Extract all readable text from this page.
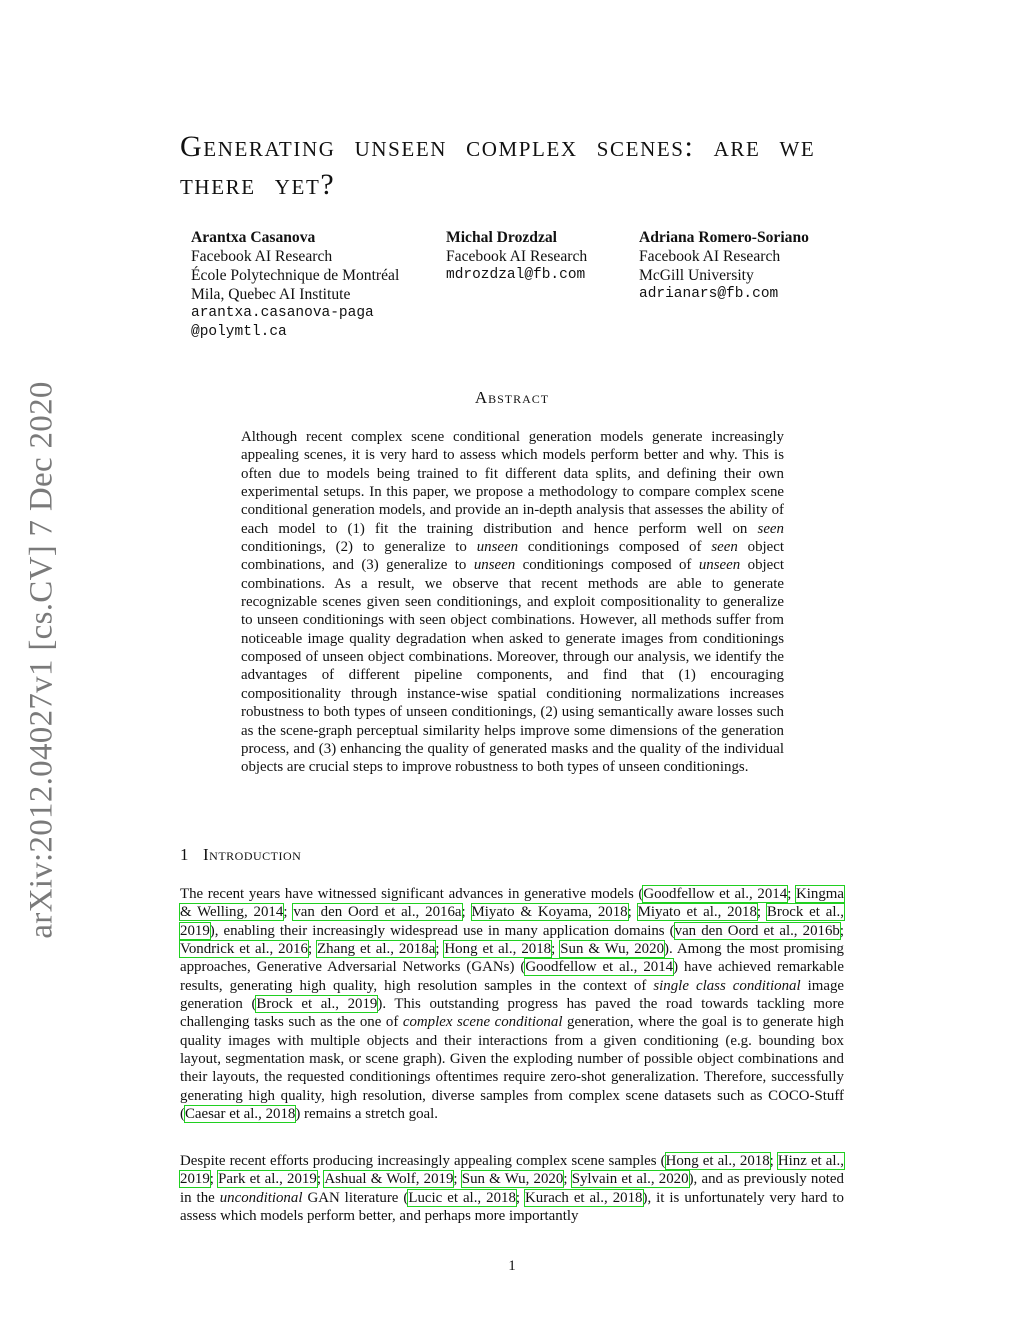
arXiv:2012.04027v1 [cs.CV] 7 Dec 2020
Generating unseen complex scenes: are we there yet?
Arantxa Casanova
Facebook AI Research
École Polytechnique de Montréal
Mila, Quebec AI Institute
arantxa.casanova-paga
@polymtl.ca
Michal Drozdzal
Facebook AI Research
mdrozdzal@fb.com
Adriana Romero-Soriano
Facebook AI Research
McGill University
adrianars@fb.com
Abstract
Although recent complex scene conditional generation models generate increasingly appealing scenes, it is very hard to assess which models perform better and why. This is often due to models being trained to fit different data splits, and defining their own experimental setups. In this paper, we propose a methodology to compare complex scene conditional generation models, and provide an in-depth analysis that assesses the ability of each model to (1) fit the training distribution and hence perform well on seen conditionings, (2) to generalize to unseen conditionings composed of seen object combinations, and (3) generalize to unseen conditionings composed of unseen object combinations. As a result, we observe that recent methods are able to generate recognizable scenes given seen conditionings, and exploit compositionality to generalize to unseen conditionings with seen object combinations. However, all methods suffer from noticeable image quality degradation when asked to generate images from conditionings composed of unseen object combinations. Moreover, through our analysis, we identify the advantages of different pipeline components, and find that (1) encouraging compositionality through instance-wise spatial conditioning normalizations increases robustness to both types of unseen conditionings, (2) using semantically aware losses such as the scene-graph perceptual similarity helps improve some dimensions of the generation process, and (3) enhancing the quality of generated masks and the quality of the individual objects are crucial steps to improve robustness to both types of unseen conditionings.
1 Introduction
The recent years have witnessed significant advances in generative models (Goodfellow et al., 2014; Kingma & Welling, 2014; van den Oord et al., 2016a; Miyato & Koyama, 2018; Miyato et al., 2018; Brock et al., 2019), enabling their increasingly widespread use in many application domains (van den Oord et al., 2016b; Vondrick et al., 2016; Zhang et al., 2018a; Hong et al., 2018; Sun & Wu, 2020). Among the most promising approaches, Generative Adversarial Networks (GANs) (Goodfellow et al., 2014) have achieved remarkable results, generating high quality, high resolution samples in the context of single class conditional image generation (Brock et al., 2019). This outstanding progress has paved the road towards tackling more challenging tasks such as the one of complex scene conditional generation, where the goal is to generate high quality images with multiple objects and their interactions from a given conditioning (e.g. bounding box layout, segmentation mask, or scene graph). Given the exploding number of possible object combinations and their layouts, the requested conditionings oftentimes require zero-shot generalization. Therefore, successfully generating high quality, high resolution, diverse samples from complex scene datasets such as COCO-Stuff (Caesar et al., 2018) remains a stretch goal.
Despite recent efforts producing increasingly appealing complex scene samples (Hong et al., 2018; Hinz et al., 2019; Park et al., 2019; Ashual & Wolf, 2019; Sun & Wu, 2020; Sylvain et al., 2020), and as previously noted in the unconditional GAN literature (Lucic et al., 2018; Kurach et al., 2018), it is unfortunately very hard to assess which models perform better, and perhaps more importantly
1
